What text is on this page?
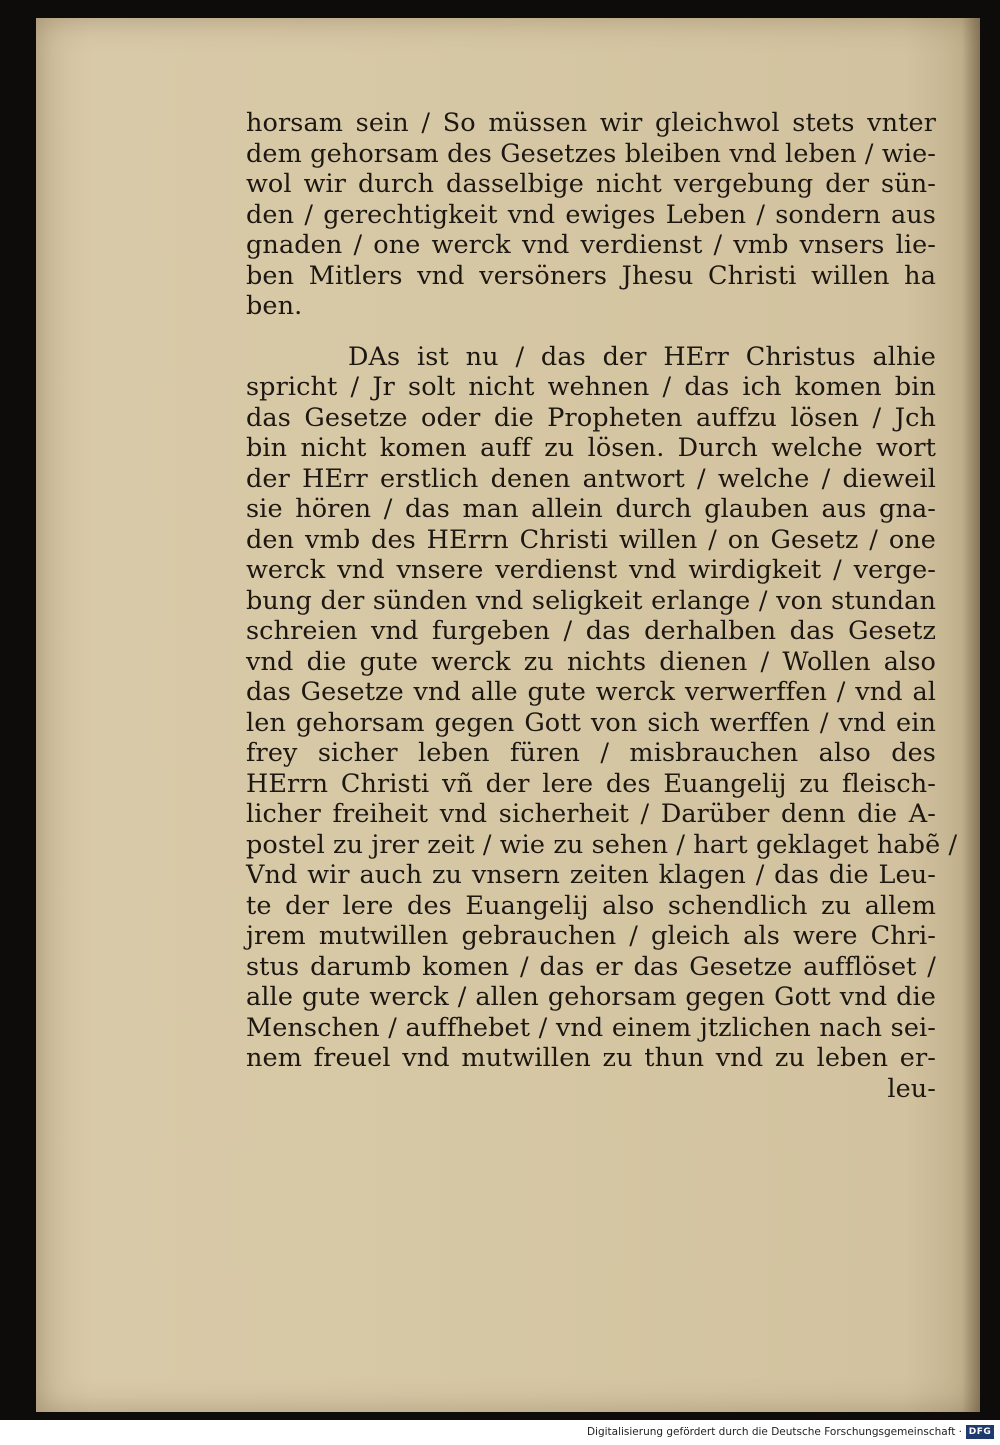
horsam sein / So müssen wir gleichwol stets vnter
dem gehorsam des Gesetzes bleiben vnd leben / wie‑
wol wir durch dasselbige nicht vergebung der sün‑
den / gerechtigkeit vnd ewiges Leben / sondern aus
gnaden / one werck vnd verdienst / vmb vnsers lie‑
ben Mitlers vnd versöners Jhesu Christi willen ha
ben.
DAs ist nu / das der HErr Christus alhie
spricht / Jr solt nicht wehnen / das ich komen bin
das Gesetze oder die Propheten auffzu lösen / Jch
bin nicht komen auff zu lösen. Durch welche wort
der HErr erstlich denen antwort / welche / dieweil
sie hören / das man allein durch glauben aus gna‑
den vmb des HErrn Christi willen / on Gesetz / one
werck vnd vnsere verdienst vnd wirdigkeit / verge‑
bung der sünden vnd seligkeit erlange / von stundan
schreien vnd furgeben / das derhalben das Gesetz
vnd die gute werck zu nichts dienen / Wollen also
das Gesetze vnd alle gute werck verwerffen / vnd al
len gehorsam gegen Gott von sich werffen / vnd ein
frey sicher leben füren / misbrauchen also des
HErrn Christi vñ der lere des Euangelij zu fleisch‑
licher freiheit vnd sicherheit / Darüber denn die A‑
postel zu jrer zeit / wie zu sehen / hart geklaget habẽ /
Vnd wir auch zu vnsern zeiten klagen / das die Leu‑
te der lere des Euangelij also schendlich zu allem
jrem mutwillen gebrauchen / gleich als were Chri‑
stus darumb komen / das er das Gesetze aufflöset /
alle gute werck / allen gehorsam gegen Gott vnd die
Menschen / auffhebet / vnd einem jtzlichen nach sei‑
nem freuel vnd mutwillen zu thun vnd zu leben er‑
leu‑
Digitalisierung gefördert durch die Deutsche Forschungsgemeinschaft · DFG
